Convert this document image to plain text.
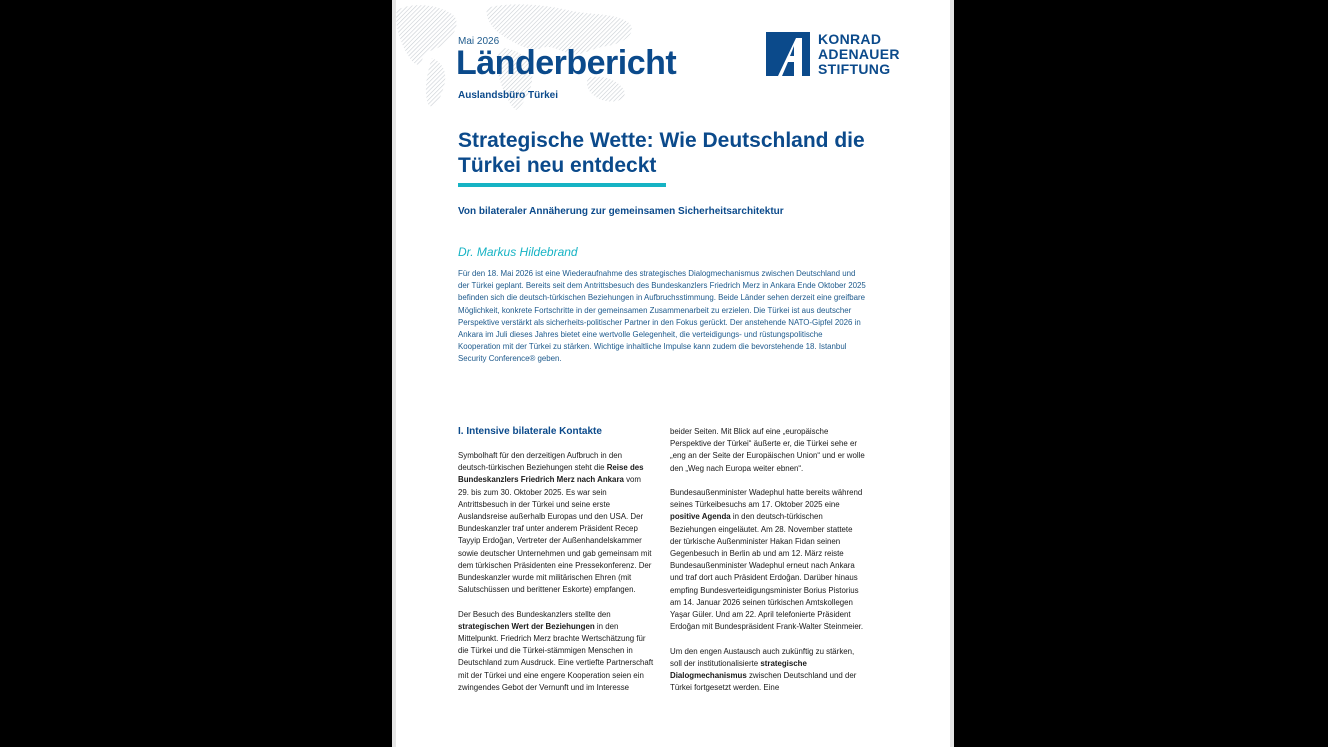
Mai 2026
Länderbericht
Auslandsbüro Türkei
KONRAD
ADENAUER
STIFTUNG
Strategische Wette: Wie Deutschland die Türkei neu entdeckt
Von bilateraler Annäherung zur gemeinsamen Sicherheitsarchitektur
Dr. Markus Hildebrand
Für den 18. Mai 2026 ist eine Wiederaufnahme des strategisches Dialogmechanismus zwischen Deutschland und der Türkei geplant. Bereits seit dem Antrittsbesuch des Bundeskanzlers Friedrich Merz in Ankara Ende Oktober 2025 befinden sich die deutsch-türkischen Beziehungen in Aufbruchsstimmung. Beide Länder sehen derzeit eine greifbare Möglichkeit, konkrete Fortschritte in der gemeinsamen Zusammenarbeit zu erzielen. Die Türkei ist aus deutscher Perspektive verstärkt als sicherheits-politischer Partner in den Fokus gerückt. Der anstehende NATO-Gipfel 2026 in Ankara im Juli dieses Jahres bietet eine wertvolle Gelegenheit, die verteidigungs- und rüstungspolitische Kooperation mit der Türkei zu stärken. Wichtige inhaltliche Impulse kann zudem die bevorstehende 18. Istanbul Security Conference® geben.
I. Intensive bilaterale Kontakte

Symbolhaft für den derzeitigen Aufbruch in den deutsch-türkischen Beziehungen steht die Reise des Bundeskanzlers Friedrich Merz nach Ankara vom 29. bis zum 30. Oktober 2025. Es war sein Antrittsbesuch in der Türkei und seine erste Auslandsreise außerhalb Europas und den USA. Der Bundeskanzler traf unter anderem Präsident Recep Tayyip Erdoğan, Vertreter der Außenhandelskammer sowie deutscher Unternehmen und gab gemeinsam mit dem türkischen Präsidenten eine Pressekonferenz. Der Bundeskanzler wurde mit militärischen Ehren (mit Salutschüssen und berittener Eskorte) empfangen.

Der Besuch des Bundeskanzlers stellte den strategischen Wert der Beziehungen in den Mittelpunkt. Friedrich Merz brachte Wertschätzung für die Türkei und die Türkei-stämmigen Menschen in Deutschland zum Ausdruck. Eine vertiefte Partnerschaft mit der Türkei und eine engere Kooperation seien ein zwingendes Gebot der Vernunft und im Interesse

beider Seiten. Mit Blick auf eine „europäische Perspektive der Türkei“ äußerte er, die Türkei sehe er „eng an der Seite der Europäischen Union“ und er wolle den „Weg nach Europa weiter ebnen“.

Bundesaußenminister Wadephul hatte bereits während seines Türkeibesuchs am 17. Oktober 2025 eine positive Agenda in den deutsch-türkischen Beziehungen eingeläutet. Am 28. November stattete der türkische Außenminister Hakan Fidan seinen Gegenbesuch in Berlin ab und am 12. März reiste Bundesaußenminister Wadephul erneut nach Ankara und traf dort auch Präsident Erdoğan. Darüber hinaus empfing Bundesverteidigungsminister Borius Pistorius am 14. Januar 2026 seinen türkischen Amtskollegen Yaşar Güler. Und am 22. April telefonierte Präsident Erdoğan mit Bundespräsident Frank-Walter Steinmeier.

Um den engen Austausch auch zukünftig zu stärken, soll der institutionalisierte strategische Dialogmechanismus zwischen Deutschland und der Türkei fortgesetzt werden. Eine
